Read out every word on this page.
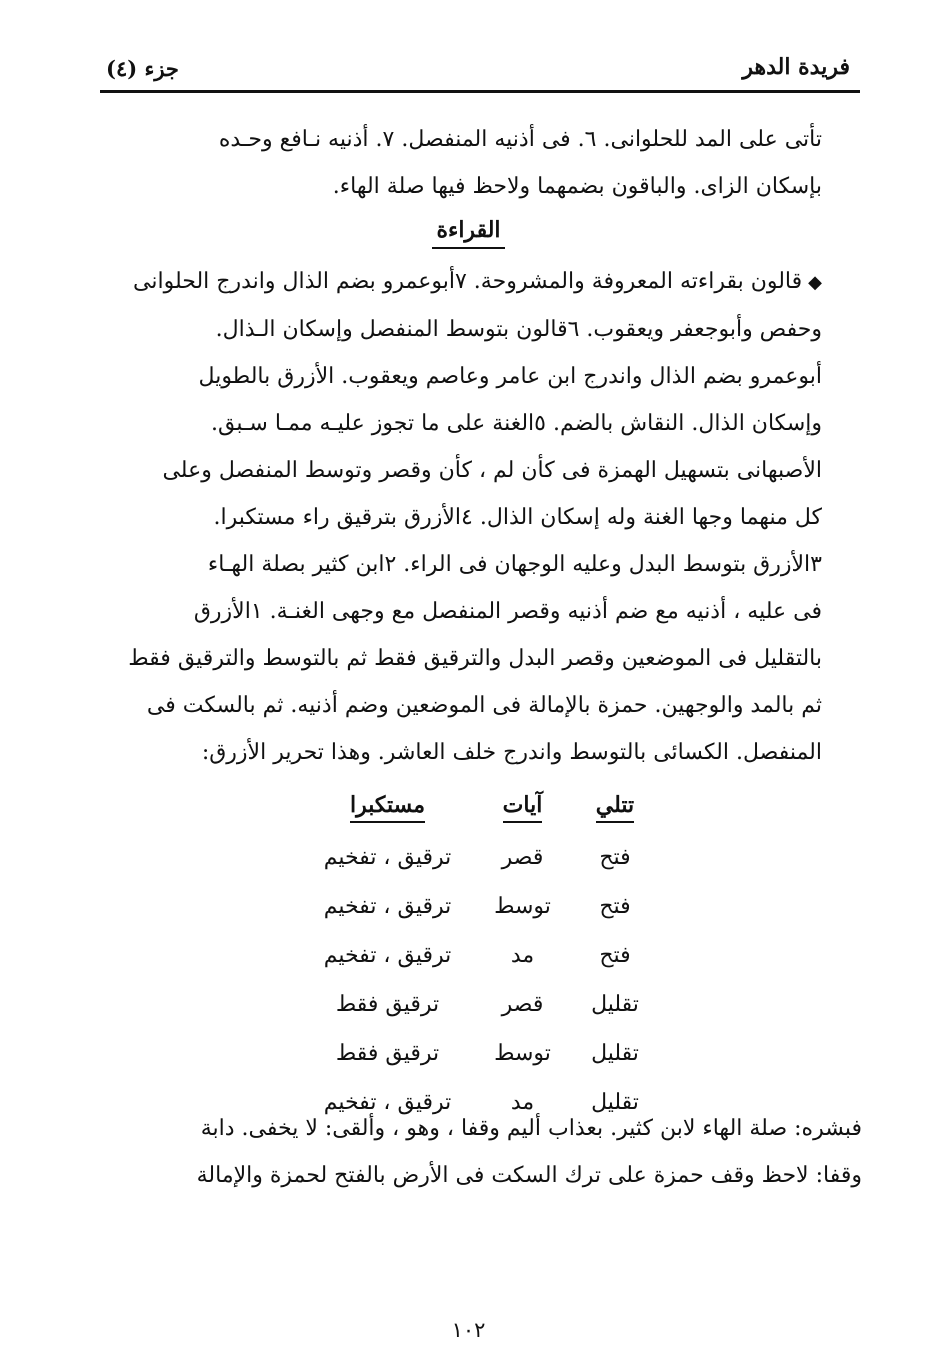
فريدة الدهر
جزء (٤)
تأتى على المد للحلوانى. ٦. فى أذنيه المنفصل. ٧. أذنيه نـافع وحـده
بإسكان الزاى. والباقون بضمهما ولاحظ فيها صلة الهاء.
القراءة
◆قالون بقراءته المعروفة والمشروحة. ٧أبوعمرو بضم الذال واندرج الحلوانى
وحفص وأبوجعفر ويعقوب. ٦قالون بتوسط المنفصل وإسكان الـذال.
أبوعمرو بضم الذال واندرج ابن عامر وعاصم ويعقوب. الأزرق بالطويل
وإسكان الذال. النقاش بالضم. ٥الغنة على ما تجوز عليـه ممـا سـبق.
الأصبهانى بتسهيل الهمزة فى كأن لم ، كأن وقصر وتوسط المنفصل وعلى
كل منهما وجها الغنة وله إسكان الذال. ٤الأزرق بترقيق راء مستكبرا.
٣الأزرق بتوسط البدل وعليه الوجهان فى الراء. ٢ابن كثير بصلة الهـاء
فى عليه ، أذنيه مع ضم أذنيه وقصر المنفصل مع وجهى الغنـة. ١الأزرق
بالتقليل فى الموضعين وقصر البدل والترقيق فقط ثم بالتوسط والترقيق فقط
ثم بالمد والوجهين. حمزة بالإمالة فى الموضعين وضم أذنيه. ثم بالسكت فى
المنفصل. الكسائى بالتوسط واندرج خلف العاشر. وهذا تحرير الأزرق:
تتلي	آيات	مستكبرا
فتح	قصر	ترقيق ، تفخيم
فتح	توسط	ترقيق ، تفخيم
فتح	مد	ترقيق ، تفخيم
تقليل	قصر	ترقيق فقط
تقليل	توسط	ترقيق فقط
تقليل	مد	ترقيق ، تفخيم
فبشره: صلة الهاء لابن كثير. بعذاب أليم وقفا ، وهو ، وألقى: لا يخفى. دابة
وقفا: لاحظ وقف حمزة على ترك السكت فى الأرض بالفتح لحمزة والإمالة
١٠٢
